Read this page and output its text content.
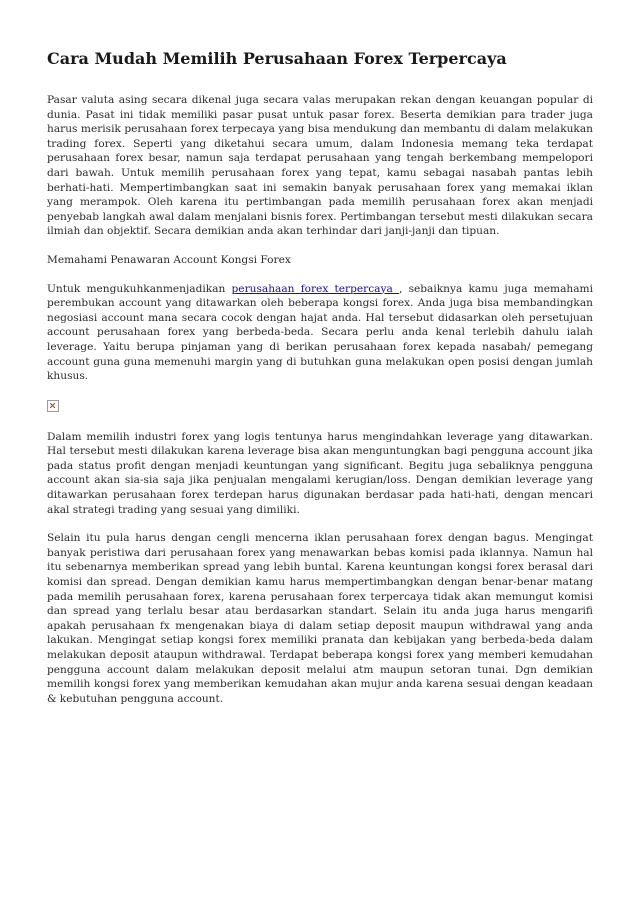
Cara Mudah Memilih Perusahaan Forex Terpercaya

Pasar valuta asing secara dikenal juga secara valas merupakan rekan dengan keuangan popular di dunia. Pasat ini tidak memiliki pasar pusat untuk pasar forex. Beserta demikian para trader juga harus merisik perusahaan forex terpecaya yang bisa mendukung dan membantu di dalam melakukan trading forex. Seperti yang diketahui secara umum, dalam Indonesia memang teka terdapat perusahaan forex besar, namun saja terdapat perusahaan yang tengah berkembang mempelopori dari bawah. Untuk memilih perusahaan forex yang tepat, kamu sebagai nasabah pantas lebih berhati-hati. Mempertimbangkan saat ini semakin banyak perusahaan forex yang memakai iklan yang merampok. Oleh karena itu pertimbangan pada memilih perusahaan forex akan menjadi penyebab langkah awal dalam menjalani bisnis forex. Pertimbangan tersebut mesti dilakukan secara ilmiah dan objektif. Secara demikian anda akan terhindar dari janji-janji dan tipuan.

Memahami Penawaran Account Kongsi Forex

Untuk mengukuhkanmenjadikan perusahaan forex terpercaya , sebaiknya kamu juga memahami perembukan account yang ditawarkan oleh beberapa kongsi forex. Anda juga bisa membandingkan negosiasi account mana secara cocok dengan hajat anda. Hal tersebut didasarkan oleh persetujuan account perusahaan forex yang berbeda-beda. Secara perlu anda kenal terlebih dahulu ialah leverage. Yaitu berupa pinjaman yang di berikan perusahaan forex kepada nasabah/ pemegang account guna guna memenuhi margin yang di butuhkan guna melakukan open posisi dengan jumlah khusus.

Dalam memilih industri forex yang logis tentunya harus mengindahkan leverage yang ditawarkan. Hal tersebut mesti dilakukan karena leverage bisa akan menguntungkan bagi pengguna account jika pada status profit dengan menjadi keuntungan yang significant. Begitu juga sebaliknya pengguna account akan sia-sia saja jika penjualan mengalami kerugian/loss. Dengan demikian leverage yang ditawarkan perusahaan forex terdepan harus digunakan berdasar pada hati-hati, dengan mencari akal strategi trading yang sesuai yang dimiliki.

Selain itu pula harus dengan cengli mencerna iklan perusahaan forex dengan bagus. Mengingat banyak peristiwa dari perusahaan forex yang menawarkan bebas komisi pada iklannya. Namun hal itu sebenarnya memberikan spread yang lebih buntal. Karena keuntungan kongsi forex berasal dari komisi dan spread. Dengan demikian kamu harus mempertimbangkan dengan benar-benar matang pada memilih perusahaan forex, karena perusahaan forex terpercaya tidak akan memungut komisi dan spread yang terlalu besar atau berdasarkan standart. Selain itu anda juga harus mengarifi apakah perusahaan fx mengenakan biaya di dalam setiap deposit maupun withdrawal yang anda lakukan. Mengingat setiap kongsi forex memiliki pranata dan kebijakan yang berbeda-beda dalam melakukan deposit ataupun withdrawal. Terdapat beberapa kongsi forex yang memberi kemudahan pengguna account dalam melakukan deposit melalui atm maupun setoran tunai. Dgn demikian memilih kongsi forex yang memberikan kemudahan akan mujur anda karena sesuai dengan keadaan & kebutuhan pengguna account.
